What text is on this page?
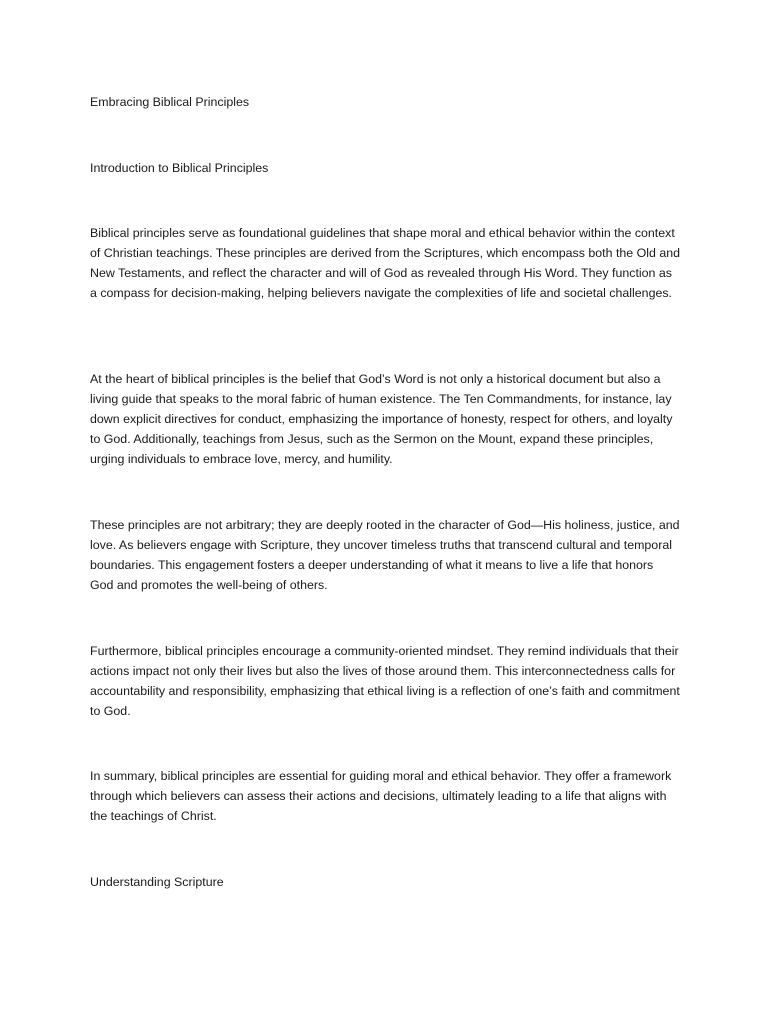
Embracing Biblical Principles
Introduction to Biblical Principles
Biblical principles serve as foundational guidelines that shape moral and ethical behavior within the context of Christian teachings. These principles are derived from the Scriptures, which encompass both the Old and New Testaments, and reflect the character and will of God as revealed through His Word. They function as a compass for decision-making, helping believers navigate the complexities of life and societal challenges.
At the heart of biblical principles is the belief that God’s Word is not only a historical document but also a living guide that speaks to the moral fabric of human existence. The Ten Commandments, for instance, lay down explicit directives for conduct, emphasizing the importance of honesty, respect for others, and loyalty to God. Additionally, teachings from Jesus, such as the Sermon on the Mount, expand these principles, urging individuals to embrace love, mercy, and humility.
These principles are not arbitrary; they are deeply rooted in the character of God—His holiness, justice, and love. As believers engage with Scripture, they uncover timeless truths that transcend cultural and temporal boundaries. This engagement fosters a deeper understanding of what it means to live a life that honors God and promotes the well-being of others.
Furthermore, biblical principles encourage a community-oriented mindset. They remind individuals that their actions impact not only their lives but also the lives of those around them. This interconnectedness calls for accountability and responsibility, emphasizing that ethical living is a reflection of one’s faith and commitment to God.
In summary, biblical principles are essential for guiding moral and ethical behavior. They offer a framework through which believers can assess their actions and decisions, ultimately leading to a life that aligns with the teachings of Christ.
Understanding Scripture
